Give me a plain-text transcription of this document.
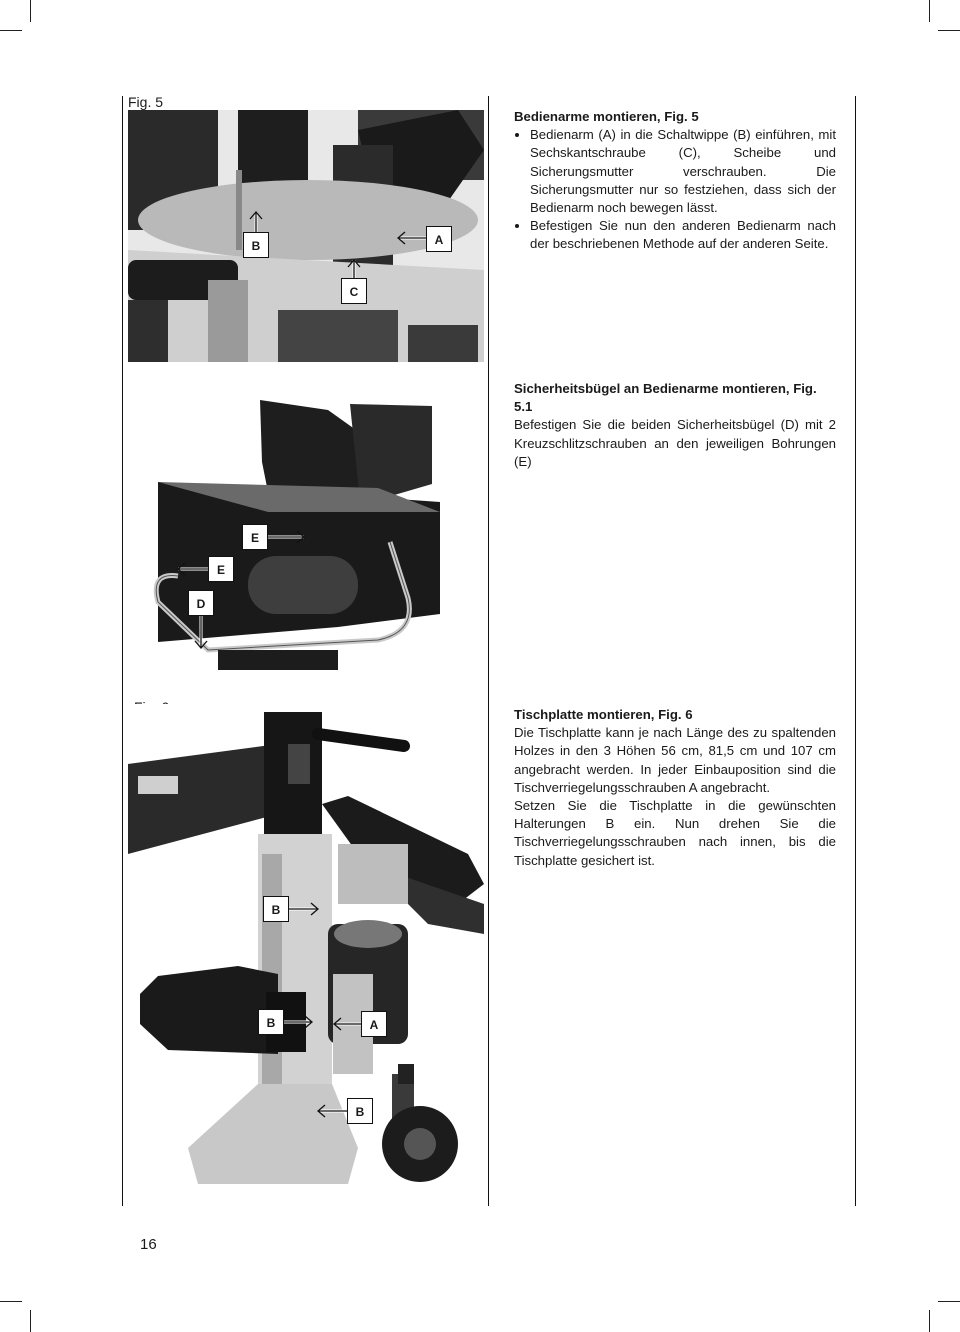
Fig. 5
B	A
C
Bedienarme montieren, Fig. 5
• Bedienarm (A) in die Schaltwippe (B) einführen, mit Sechskantschraube (C), Scheibe und Sicherungsmutter verschrauben. Die Sicherungsmutter nur so festziehen, dass sich der Bedienarm noch bewegen lässt.
• Befestigen Sie nun den anderen Bedienarm nach der beschriebenen Methode auf der anderen Seite.
E
E
D
Sicherheitsbügel an Bedienarme montieren, Fig. 5.1

Befestigen Sie die beiden Sicherheitsbügel (D) mit 2 Kreuzschlitzschrauben an den jeweiligen Bohrungen (E)

B
B	A
B
Tischplatte montieren, Fig. 6

Die Tischplatte kann je nach Länge des zu spaltenden Holzes in den 3 Höhen 56 cm, 81,5 cm und 107 cm angebracht werden. In jeder Einbauposition sind die Tischverriegelungsschrauben A angebracht.

Setzen Sie die Tischplatte in die gewünschten Halterungen B ein. Nun drehen Sie die Tischverriegelungsschrauben nach innen, bis die Tischplatte gesichert ist.

16
